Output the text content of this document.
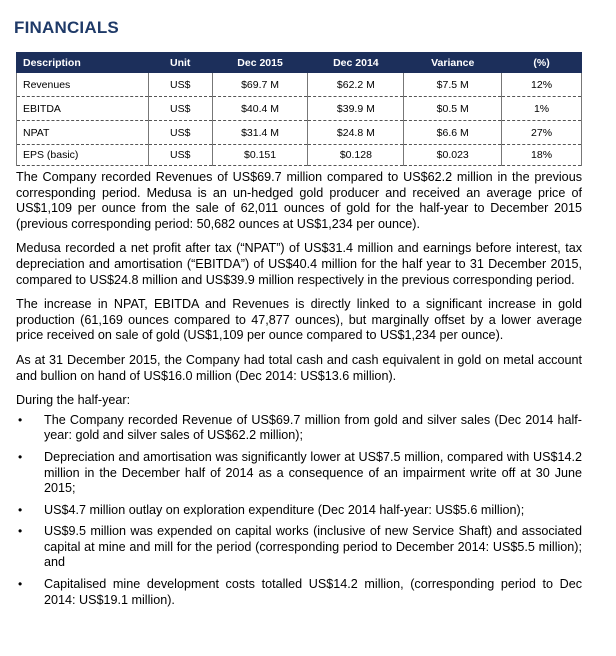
FINANCIALS
Description	Unit	Dec 2015	Dec 2014	Variance	(%)
Revenues	US$	$69.7 M	$62.2 M	$7.5 M	12%
EBITDA	US$	$40.4 M	$39.9 M	$0.5 M	1%
NPAT	US$	$31.4 M	$24.8 M	$6.6 M	27%
EPS (basic)	US$	$0.151	$0.128	$0.023	18%

The Company recorded Revenues of US$69.7 million compared to US$62.2 million in the previous corresponding period. Medusa is an un-hedged gold producer and received an average price of US$1,109 per ounce from the sale of 62,011 ounces of gold for the half-year to December 2015 (previous corresponding period: 50,682 ounces at US$1,234 per ounce).

Medusa recorded a net profit after tax (“NPAT”) of US$31.4 million and earnings before interest, tax depreciation and amortisation (“EBITDA”) of US$40.4 million for the half year to 31 December 2015, compared to US$24.8 million and US$39.9 million respectively in the previous corresponding period.

The increase in NPAT, EBITDA and Revenues is directly linked to a significant increase in gold production (61,169 ounces compared to 47,877 ounces), but marginally offset by a lower average price received on sale of gold (US$1,109 per ounce compared to US$1,234 per ounce).

As at 31 December 2015, the Company had total cash and cash equivalent in gold on metal account and bullion on hand of US$16.0 million (Dec 2014: US$13.6 million).

During the half-year:

• The Company recorded Revenue of US$69.7 million from gold and silver sales (Dec 2014 half-year: gold and silver sales of US$62.2 million);
• Depreciation and amortisation was significantly lower at US$7.5 million, compared with US$14.2 million in the December half of 2014 as a consequence of an impairment write off at 30 June 2015;
• US$4.7 million outlay on exploration expenditure (Dec 2014 half-year: US$5.6 million);
• US$9.5 million was expended on capital works (inclusive of new Service Shaft) and associated capital at mine and mill for the period (corresponding period to December 2014: US$5.5 million); and
• Capitalised mine development costs totalled US$14.2 million, (corresponding period to Dec 2014: US$19.1 million).
